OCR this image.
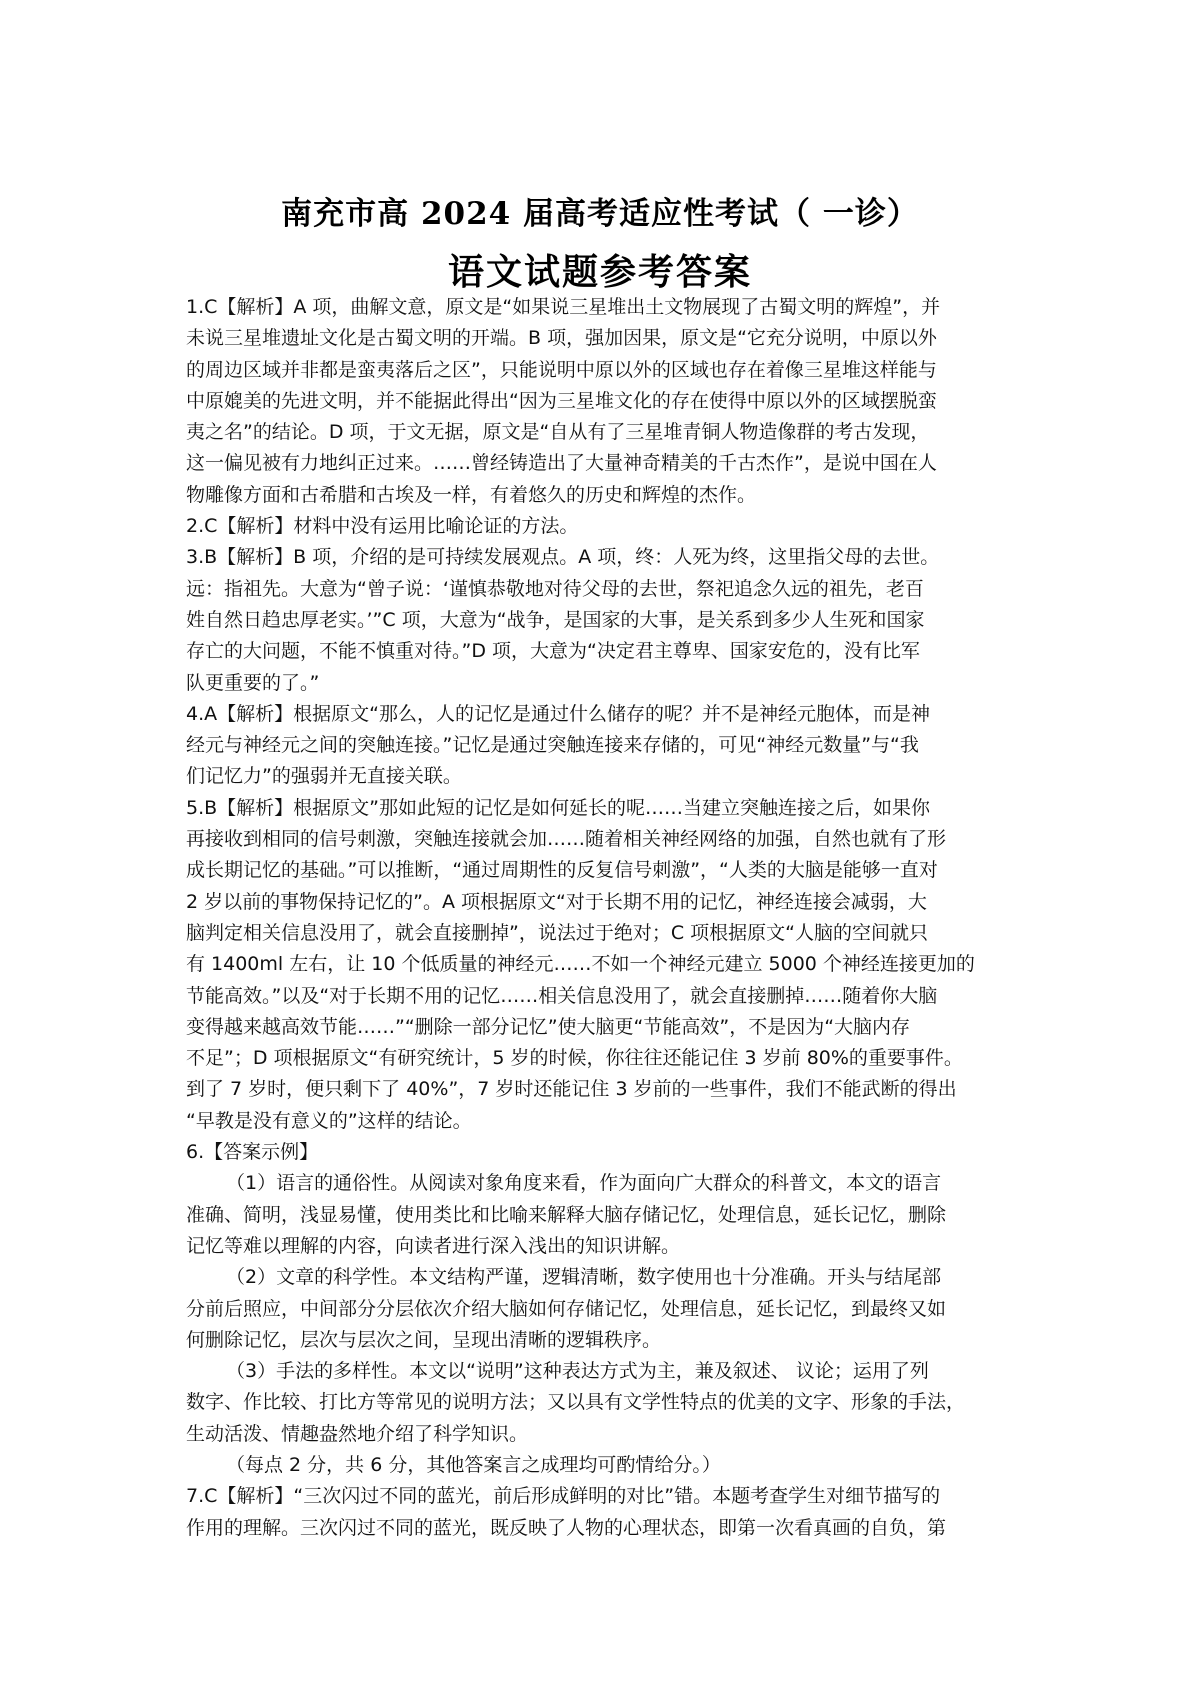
南充市高 2024 届高考适应性考试（ 一诊）
语文试题参考答案
1.C【解析】A 项，曲解文意，原文是“如果说三星堆出土文物展现了古蜀文明的辉煌”，并
未说三星堆遗址文化是古蜀文明的开端。B 项，强加因果，原文是“它充分说明，中原以外
的周边区域并非都是蛮夷落后之区”，只能说明中原以外的区域也存在着像三星堆这样能与
中原媲美的先进文明，并不能据此得出“因为三星堆文化的存在使得中原以外的区域摆脱蛮
夷之名”的结论。D 项，于文无据，原文是“自从有了三星堆青铜人物造像群的考古发现，
这一偏见被有力地纠正过来。……曾经铸造出了大量神奇精美的千古杰作”，是说中国在人
物雕像方面和古希腊和古埃及一样，有着悠久的历史和辉煌的杰作。
2.C【解析】材料中没有运用比喻论证的方法。
3.B【解析】B 项，介绍的是可持续发展观点。A 项，终：人死为终，这里指父母的去世。
远：指祖先。大意为“曾子说：‘谨慎恭敬地对待父母的去世，祭祀追念久远的祖先，老百
姓自然日趋忠厚老实。’”C 项，大意为“战争，是国家的大事，是关系到多少人生死和国家
存亡的大问题，不能不慎重对待。”D 项，大意为“决定君主尊卑、国家安危的，没有比军
队更重要的了。”
4.A【解析】根据原文“那么，人的记忆是通过什么储存的呢？并不是神经元胞体，而是神
经元与神经元之间的突触连接。”记忆是通过突触连接来存储的，可见“神经元数量”与“我
们记忆力”的强弱并无直接关联。
5.B【解析】根据原文”那如此短的记忆是如何延长的呢……当建立突触连接之后，如果你
再接收到相同的信号刺激，突触连接就会加……随着相关神经网络的加强，自然也就有了形
成长期记忆的基础。”可以推断，“通过周期性的反复信号刺激”，“人类的大脑是能够一直对
2 岁以前的事物保持记忆的”。A 项根据原文“对于长期不用的记忆，神经连接会减弱，大
脑判定相关信息没用了，就会直接删掉”，说法过于绝对；C 项根据原文“人脑的空间就只
有 1400ml 左右，让 10 个低质量的神经元……不如一个神经元建立 5000 个神经连接更加的
节能高效。”以及“对于长期不用的记忆……相关信息没用了，就会直接删掉……随着你大脑
变得越来越高效节能……”“删除一部分记忆”使大脑更“节能高效”，不是因为“大脑内存
不足”；D 项根据原文“有研究统计，5 岁的时候，你往往还能记住 3 岁前 80%的重要事件。
到了 7 岁时，便只剩下了 40%”，7 岁时还能记住 3 岁前的一些事件，我们不能武断的得出
“早教是没有意义的”这样的结论。
6.【答案示例】
（1）语言的通俗性。从阅读对象角度来看，作为面向广大群众的科普文，本文的语言
准确、简明，浅显易懂，使用类比和比喻来解释大脑存储记忆，处理信息，延长记忆，删除
记忆等难以理解的内容，向读者进行深入浅出的知识讲解。
（2）文章的科学性。本文结构严谨，逻辑清晰，数字使用也十分准确。开头与结尾部
分前后照应，中间部分分层依次介绍大脑如何存储记忆，处理信息，延长记忆，到最终又如
何删除记忆，层次与层次之间，呈现出清晰的逻辑秩序。
（3）手法的多样性。本文以“说明”这种表达方式为主，兼及叙述、 议论；运用了列
数字、作比较、打比方等常见的说明方法；又以具有文学性特点的优美的文字、形象的手法，
生动活泼、情趣盎然地介绍了科学知识。
（每点 2 分，共 6 分，其他答案言之成理均可酌情给分。）
7.C【解析】“三次闪过不同的蓝光，前后形成鲜明的对比”错。本题考查学生对细节描写的
作用的理解。三次闪过不同的蓝光，既反映了人物的心理状态，即第一次看真画的自负，第
